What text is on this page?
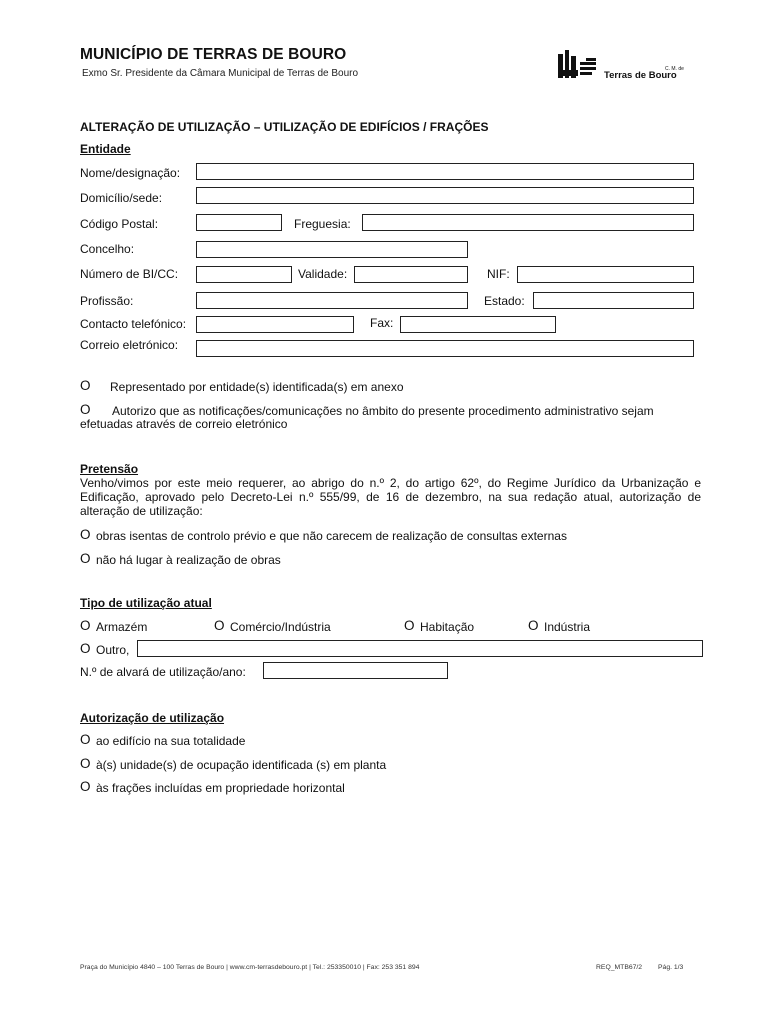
MUNICÍPIO DE TERRAS DE BOURO
Exmo Sr. Presidente da Câmara Municipal de Terras de Bouro	C. M. de
Terras de Bouro
ALTERAÇÃO DE UTILIZAÇÃO – UTILIZAÇÃO DE EDIFÍCIOS / FRAÇÕES
Entidade
Nome/designação:
Domicílio/sede:
Código Postal:	Freguesia:
Concelho:
Número de BI/CC:	Validade:	NIF:
Profissão:	Estado:
Contacto telefónico:	Fax:
Correio eletrónico:
O Representado por entidade(s) identificada(s) em anexo
O Autorizo que as notificações/comunicações no âmbito do presente procedimento administrativo sejam
efetuadas através de correio eletrónico
Pretensão
Venho/vimos por este meio requerer, ao abrigo do n.º 2, do artigo 62º, do Regime Jurídico da Urbanização e Edificação, aprovado pelo Decreto-Lei n.º 555/99, de 16 de dezembro, na sua redação atual, autorização de alteração de utilização:
O obras isentas de controlo prévio e que não carecem de realização de consultas externas
O não há lugar à realização de obras
Tipo de utilização atual
O Armazém	O Comércio/Indústria	O Habitação	O Indústria
O Outro,
N.º de alvará de utilização/ano:
Autorização de utilização
O ao edifício na sua totalidade
O à(s) unidade(s) de ocupação identificada (s) em planta
O às frações incluídas em propriedade horizontal
Praça do Município 4840 – 100 Terras de Bouro | www.cm-terrasdebouro.pt | Tel.: 253350010 | Fax: 253 351 894	REQ_MTB67/2 Pág. 1/3
